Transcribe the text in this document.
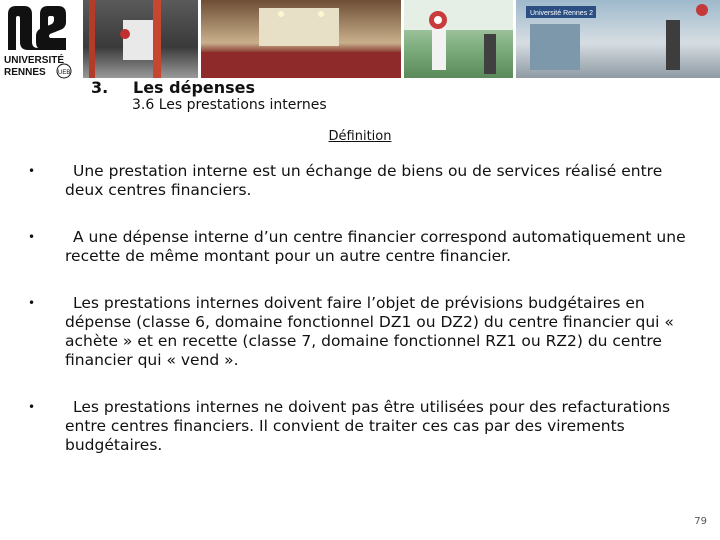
UNIVERSITÉ
RENNES UEB
Université Rennes 2
3. Les dépenses
3.6 Les prestations internes
Définition
•	Une prestation interne est un échange de biens ou de services réalisé entre deux centres financiers.
•	A une dépense interne d’un centre financier correspond automatiquement une recette de même montant pour un autre centre financier.
•	Les prestations internes doivent faire l’objet de prévisions budgétaires en dépense (classe 6, domaine fonctionnel DZ1 ou DZ2) du centre financier qui « achète » et en recette (classe 7, domaine fonctionnel RZ1 ou RZ2) du centre financier qui « vend ».
•	Les prestations internes ne doivent pas être utilisées pour des refacturations entre centres financiers. Il convient de traiter ces cas par des virements budgétaires.
79
